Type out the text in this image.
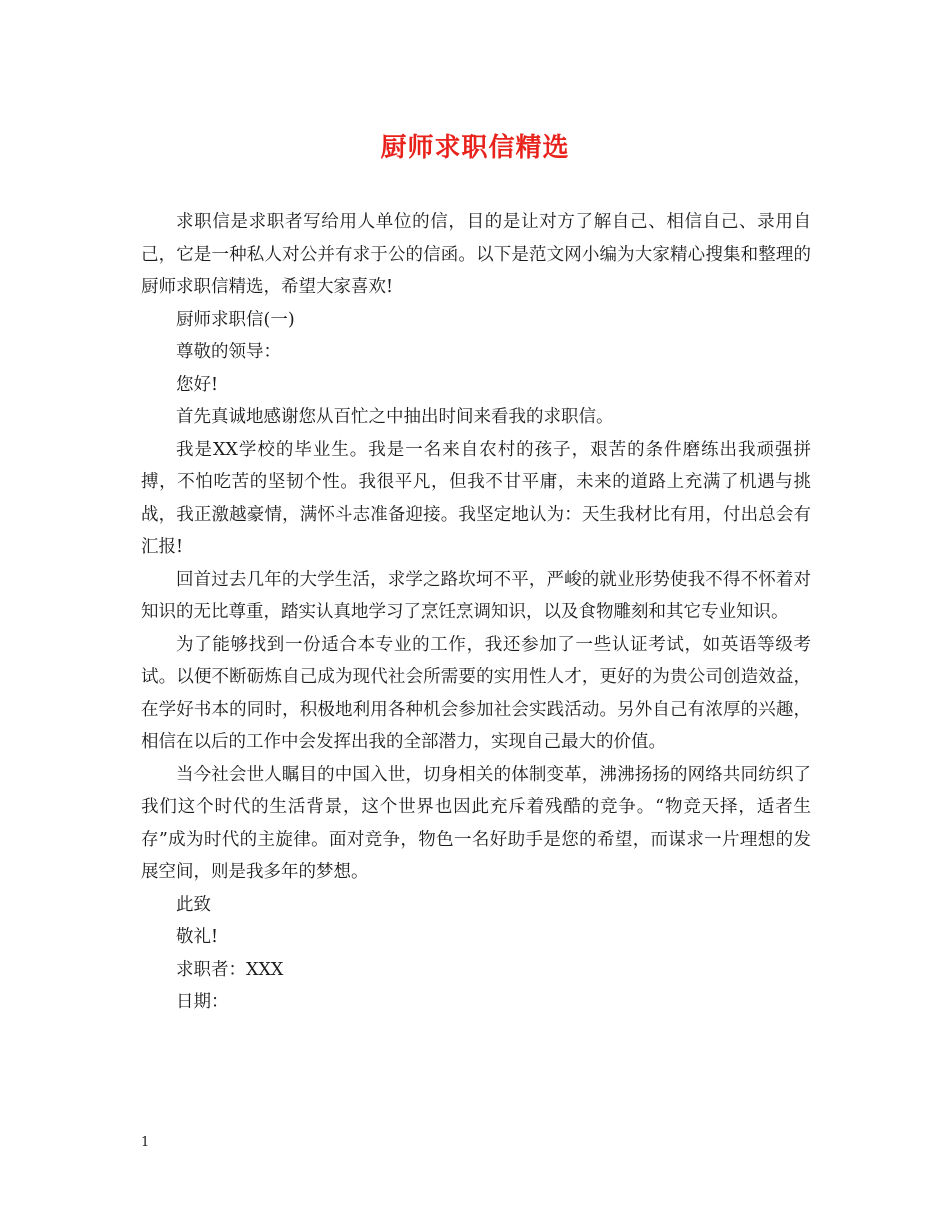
厨师求职信精选

求职信是求职者写给用人单位的信，目的是让对方了解自己、相信自己、录用自己，它是一种私人对公并有求于公的信函。以下是范文网小编为大家精心搜集和整理的厨师求职信精选，希望大家喜欢!

厨师求职信(一)

尊敬的领导：

您好!

首先真诚地感谢您从百忙之中抽出时间来看我的求职信。

我是XX学校的毕业生。我是一名来自农村的孩子，艰苦的条件磨练出我顽强拼搏，不怕吃苦的坚韧个性。我很平凡，但我不甘平庸，未来的道路上充满了机遇与挑战，我正激越豪情，满怀斗志准备迎接。我坚定地认为：天生我材比有用，付出总会有汇报!

回首过去几年的大学生活，求学之路坎坷不平，严峻的就业形势使我不得不怀着对知识的无比尊重，踏实认真地学习了烹饪烹调知识，以及食物雕刻和其它专业知识。

为了能够找到一份适合本专业的工作，我还参加了一些认证考试，如英语等级考试。以便不断砺炼自己成为现代社会所需要的实用性人才，更好的为贵公司创造效益，在学好书本的同时，积极地利用各种机会参加社会实践活动。另外自己有浓厚的兴趣，相信在以后的工作中会发挥出我的全部潜力，实现自己最大的价值。

当今社会世人瞩目的中国入世，切身相关的体制变革，沸沸扬扬的网络共同纺织了我们这个时代的生活背景，这个世界也因此充斥着残酷的竞争。“物竞天择，适者生存”成为时代的主旋律。面对竞争，物色一名好助手是您的希望，而谋求一片理想的发展空间，则是我多年的梦想。

此致

敬礼!

求职者：XXX

日期：

1
